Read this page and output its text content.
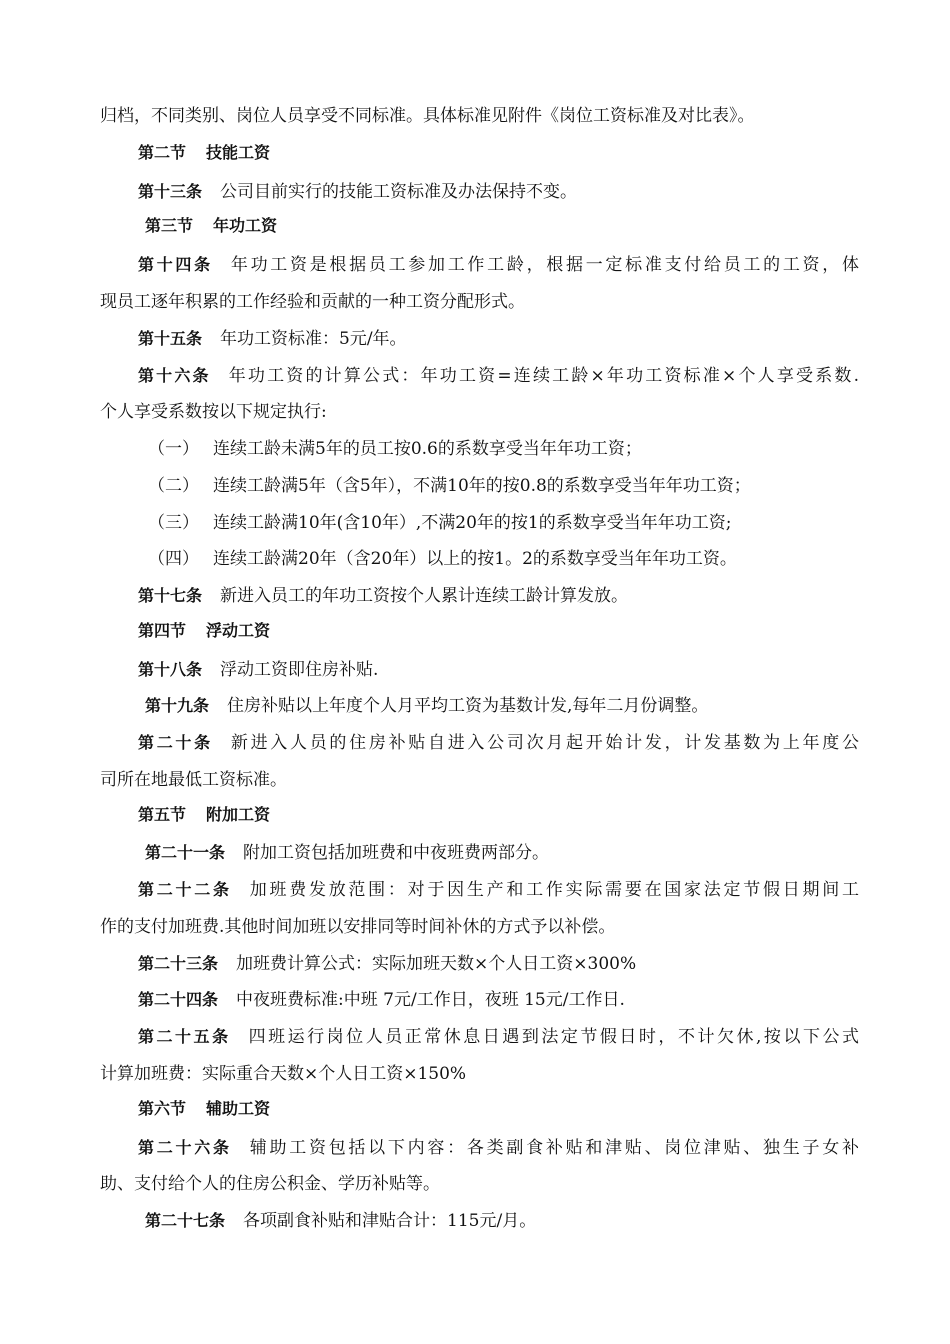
归档，不同类别、岗位人员享受不同标准。具体标准见附件《岗位工资标准及对比表》。
第二节 技能工资
第十三条 公司目前实行的技能工资标准及办法保持不变。
第三节 年功工资
第十四条 年功工资是根据员工参加工作工龄，根据一定标准支付给员工的工资，体
现员工逐年积累的工作经验和贡献的一种工资分配形式。
第十五条 年功工资标准：5元/年。
第十六条 年功工资的计算公式：年功工资=连续工龄×年功工资标准×个人享受系数.
个人享受系数按以下规定执行:
（一） 连续工龄未满5年的员工按0.6的系数享受当年年功工资；
（二） 连续工龄满5年（含5年），不满10年的按0.8的系数享受当年年功工资；
（三） 连续工龄满10年(含10年）,不满20年的按1的系数享受当年年功工资;
（四） 连续工龄满20年（含20年）以上的按1。2的系数享受当年年功工资。
第十七条 新进入员工的年功工资按个人累计连续工龄计算发放。
第四节 浮动工资
第十八条 浮动工资即住房补贴.
第十九条 住房补贴以上年度个人月平均工资为基数计发,每年二月份调整。
第二十条 新进入人员的住房补贴自进入公司次月起开始计发，计发基数为上年度公
司所在地最低工资标准。
第五节 附加工资
第二十一条 附加工资包括加班费和中夜班费两部分。
第二十二条 加班费发放范围：对于因生产和工作实际需要在国家法定节假日期间工
作的支付加班费.其他时间加班以安排同等时间补休的方式予以补偿。
第二十三条 加班费计算公式：实际加班天数×个人日工资×300%
第二十四条 中夜班费标准:中班 7元/工作日，夜班 15元/工作日.
第二十五条 四班运行岗位人员正常休息日遇到法定节假日时，不计欠休,按以下公式
计算加班费：实际重合天数×个人日工资×150%
第六节 辅助工资
第二十六条 辅助工资包括以下内容：各类副食补贴和津贴、岗位津贴、独生子女补
助、支付给个人的住房公积金、学历补贴等。
第二十七条 各项副食补贴和津贴合计：115元/月。
